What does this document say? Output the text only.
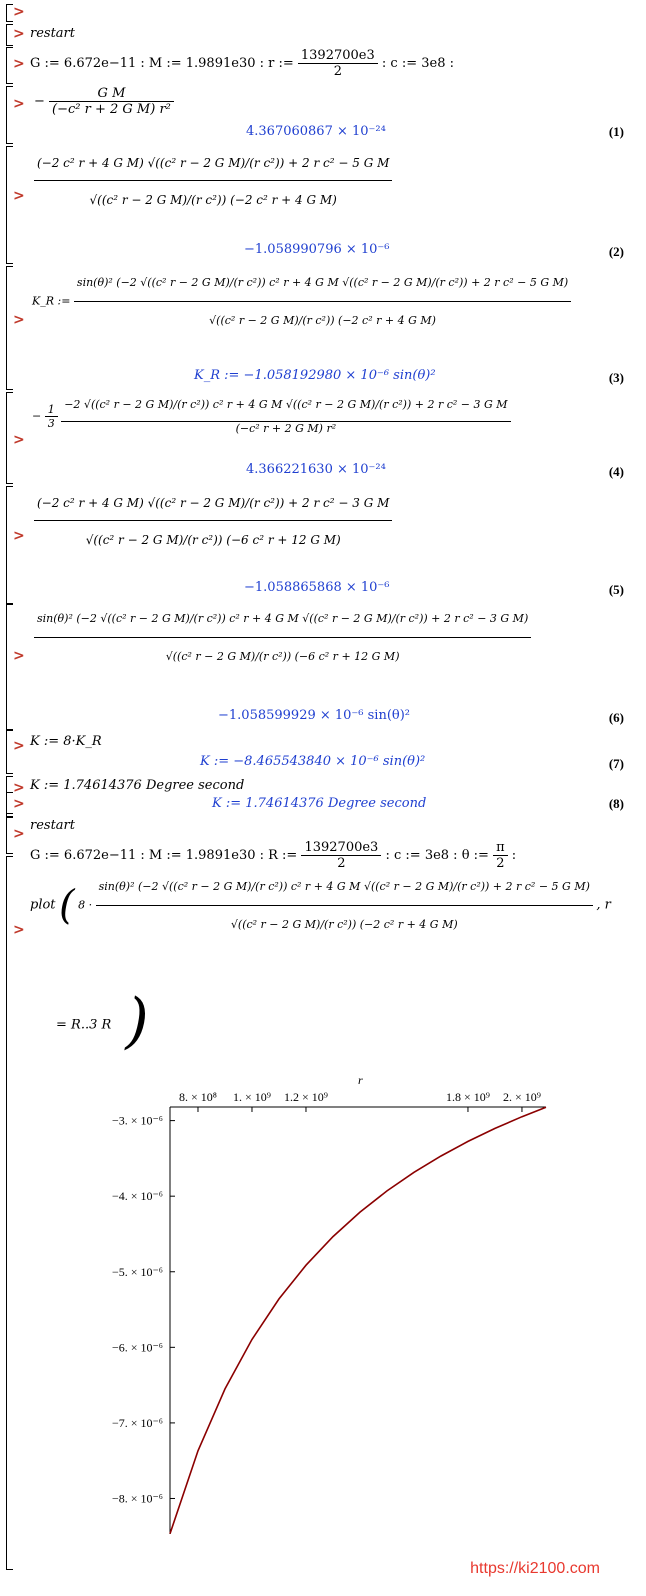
>
>
>
>
>
>
>
>
>
>
>
>
>
>
restart
G := 6.672e−11 : M := 1.9891e30 : r := $\frac{1392700e3}{2}$ : c := 3e8 :
− $\frac{\text{G M}}{\text{(−c² r + 2 G M) r²}}$
4.367060867 × 10⁻²⁴	(1)
$\frac{\text{(−2 c² r + 4 G M) √((c² r − 2 G M)/(r c²)) + 2 r c² − 5 G M}}{\text{√((c² r − 2 G M)/(r c²)) (−2 c² r + 4 G M)}}$
−1.058990796 × 10⁻⁶	(2)
K_R :=
sin(θ)² (−2 √((c² r − 2 G M)/(r c²)) c² r + 4 G M √((c² r − 2 G M)/(r c²)) + 2 r c² − 5 G M)
√((c² r − 2 G M)/(r c²)) (−2 c² r + 4 G M)
K_R := −1.058192980 × 10⁻⁶ sin(θ)²	(3)
− $\frac{1}{3}$
−2 √((c² r − 2 G M)/(r c²)) c² r + 4 G M √((c² r − 2 G M)/(r c²)) + 2 r c² − 3 G M
(−c² r + 2 G M) r²
4.366221630 × 10⁻²⁴	(4)
$\frac{\text{(−2 c² r + 4 G M) √((c² r − 2 G M)/(r c²)) + 2 r c² − 3 G M}}{\text{√((c² r − 2 G M)/(r c²)) (−6 c² r + 12 G M)}}$
−1.058865868 × 10⁻⁶	(5)
sin(θ)² (−2 √((c² r − 2 G M)/(r c²)) c² r + 4 G M √((c² r − 2 G M)/(r c²)) + 2 r c² − 3 G M)
√((c² r − 2 G M)/(r c²)) (−6 c² r + 12 G M)
−1.058599929 × 10⁻⁶ sin(θ)²	(6)
K := 8·K_R
K := −8.465543840 × 10⁻⁶ sin(θ)²	(7)
K := 1.74614376 Degree second
K := 1.74614376 Degree second	(8)
restart
G := 6.672e−11 : M := 1.9891e30 : R := $\frac{1392700e3}{2}$ : c := 3e8 : θ := $\frac{\pi}{2}$ :
plot ( 8 ·
sin(θ)² (−2 √((c² r − 2 G M)/(r c²)) c² r + 4 G M √((c² r − 2 G M)/(r c²)) + 2 r c² − 5 G M)
√((c² r − 2 G M)/(r c²)) (−2 c² r + 4 G M)
, r
= R..3 R )
r
8. × 10⁸ 1. × 10⁹ 1.2 × 10⁹	1.8 × 10⁹ 2. × 10⁹
−3. × 10⁻⁶
−4. × 10⁻⁶
−5. × 10⁻⁶
−6. × 10⁻⁶
−7. × 10⁻⁶
−8. × 10⁻⁶
https://ki2100.com
